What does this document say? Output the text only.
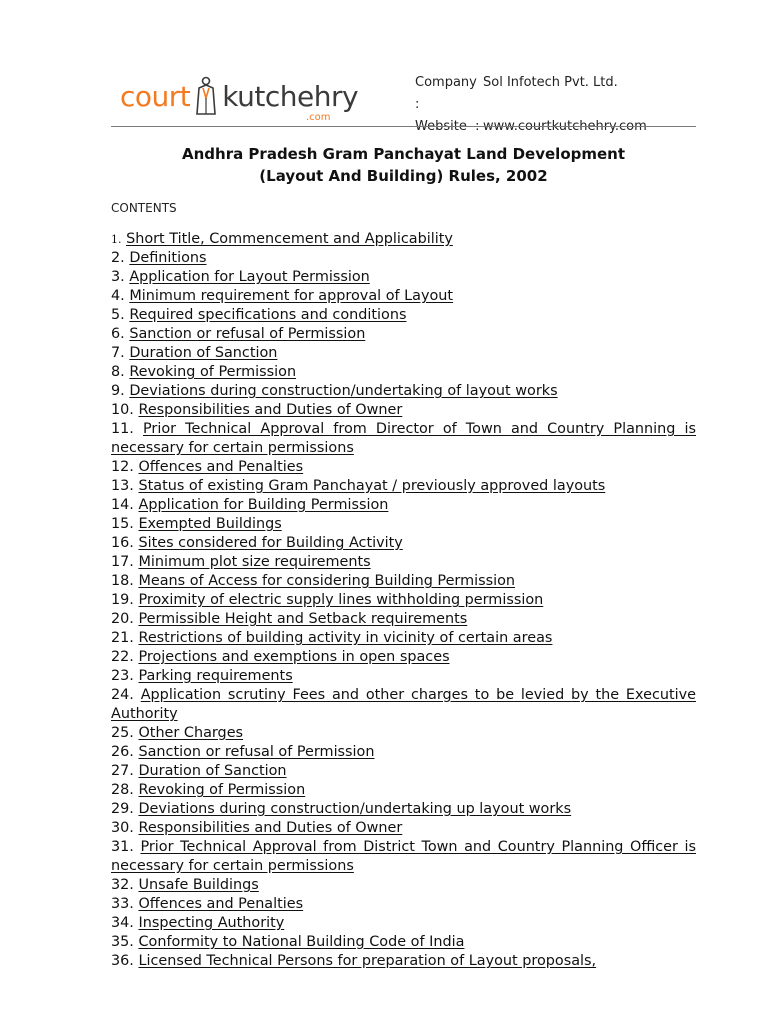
court kutchehry
.com
Company :
Sol Infotech Pvt. Ltd.
Website  : www.courtkutchehry.com
Andhra Pradesh Gram Panchayat Land Development
(Layout And Building) Rules, 2002
CONTENTS
1. Short Title, Commencement and Applicability
2. Definitions
3. Application for Layout Permission
4. Minimum requirement for approval of Layout
5. Required specifications and conditions
6. Sanction or refusal of Permission
7. Duration of Sanction
8. Revoking of Permission
9. Deviations during construction/undertaking of layout works
10. Responsibilities and Duties of Owner
11. Prior Technical Approval from Director of Town and Country Planning is necessary for certain permissions
12. Offences and Penalties
13. Status of existing Gram Panchayat / previously approved layouts
14. Application for Building Permission
15. Exempted Buildings
16. Sites considered for Building Activity
17. Minimum plot size requirements
18. Means of Access for considering Building Permission
19. Proximity of electric supply lines withholding permission
20. Permissible Height and Setback requirements
21. Restrictions of building activity in vicinity of certain areas
22. Projections and exemptions in open spaces
23. Parking requirements
24. Application scrutiny Fees and other charges to be levied by the Executive Authority
25. Other Charges
26. Sanction or refusal of Permission
27. Duration of Sanction
28. Revoking of Permission
29. Deviations during construction/undertaking up layout works
30. Responsibilities and Duties of Owner
31. Prior Technical Approval from District Town and Country Planning Officer is necessary for certain permissions
32. Unsafe Buildings
33. Offences and Penalties
34. Inspecting Authority
35. Conformity to National Building Code of India
36. Licensed Technical Persons for preparation of Layout proposals,
